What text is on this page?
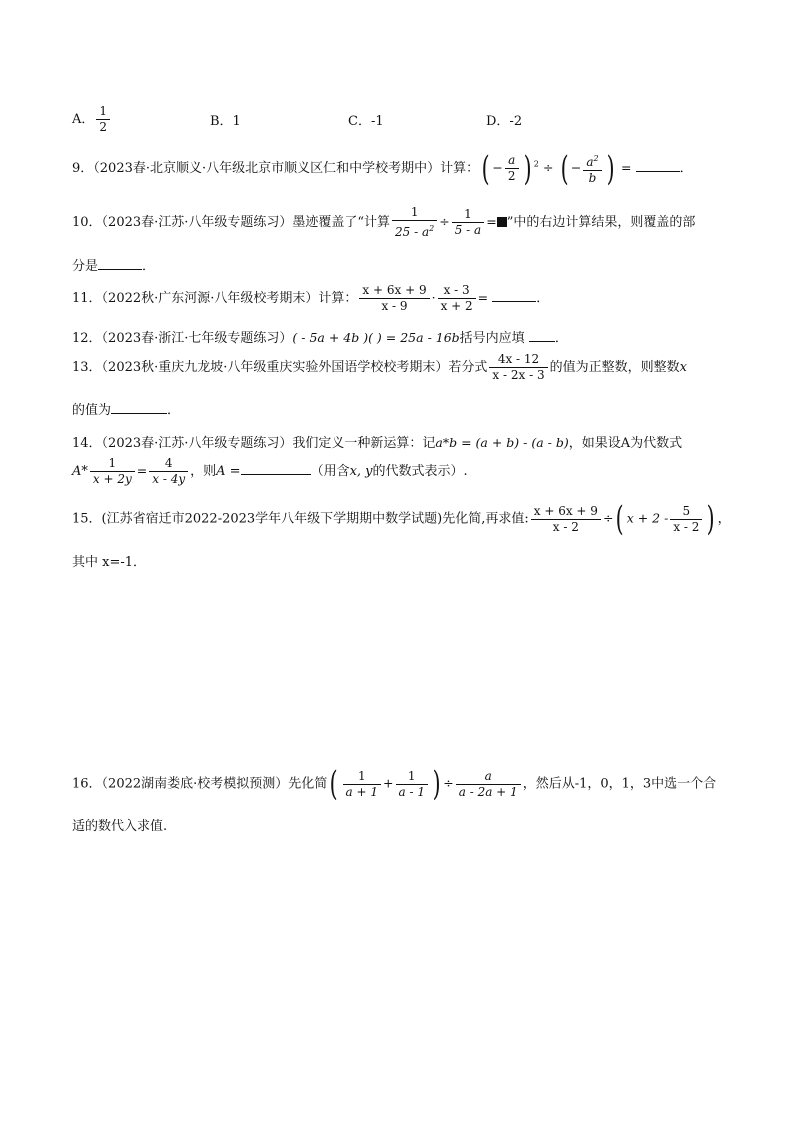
A． $\frac{1}{2}$	B．1	C．-1	D．-2
9．（2023春·北京顺义·八年级北京市顺义区仁和中学校考期中）计算：( − $\frac{a}{2}$ ) $^2$ ÷ ( − $\frac{a^2}{b}$ ) =	．
10．（2023春·江苏·八年级专题练习）墨迹覆盖了“计算 $\frac{1}{25 - a^2} \div \frac{1}{5 - a}$ = ”中的右边计算结果，则覆盖的部
分是	．
11．（2022秋·广东河源·八年级校考期末）计算： $\frac{x + 6x + 9}{x - 9} \cdot \frac{x - 3}{x + 2}$ =	．
12．（2023春·浙江·七年级专题练习）( - 5a + 4b )( ) = 25a - 16b括号内应填 ．
13．（2023秋·重庆九龙坡·八年级重庆实验外国语学校校考期末）若分式 $\frac{4x - 12}{x - 2x - 3}$ 的值为正整数，则整数x
的值为	．
14．（2023春·江苏·八年级专题练习）我们定义一种新运算：记a*b = (a + b) - (a - b)，如果设A为代数式
$A* \frac{1}{x + 2y} = \frac{4}{x - 4y}$ ，则A =	（用含x, y的代数式表示）.
15．(江苏省宿迁市2022-2023学年八年级下学期期中数学试题)先化简,再求值: $\frac{x + 6x + 9}{x - 2}$ ÷( $x + 2 - \frac{5}{x - 2}$ ) ，
其中 x=-1．
16．（2022湖南娄底·校考模拟预测）先化简( $\frac{1}{a + 1} + \frac{1}{a - 1}$ ) ÷ $\frac{a}{a - 2a + 1}$ ，然后从-1，0，1，3中选一个合
适的数代入求值.
